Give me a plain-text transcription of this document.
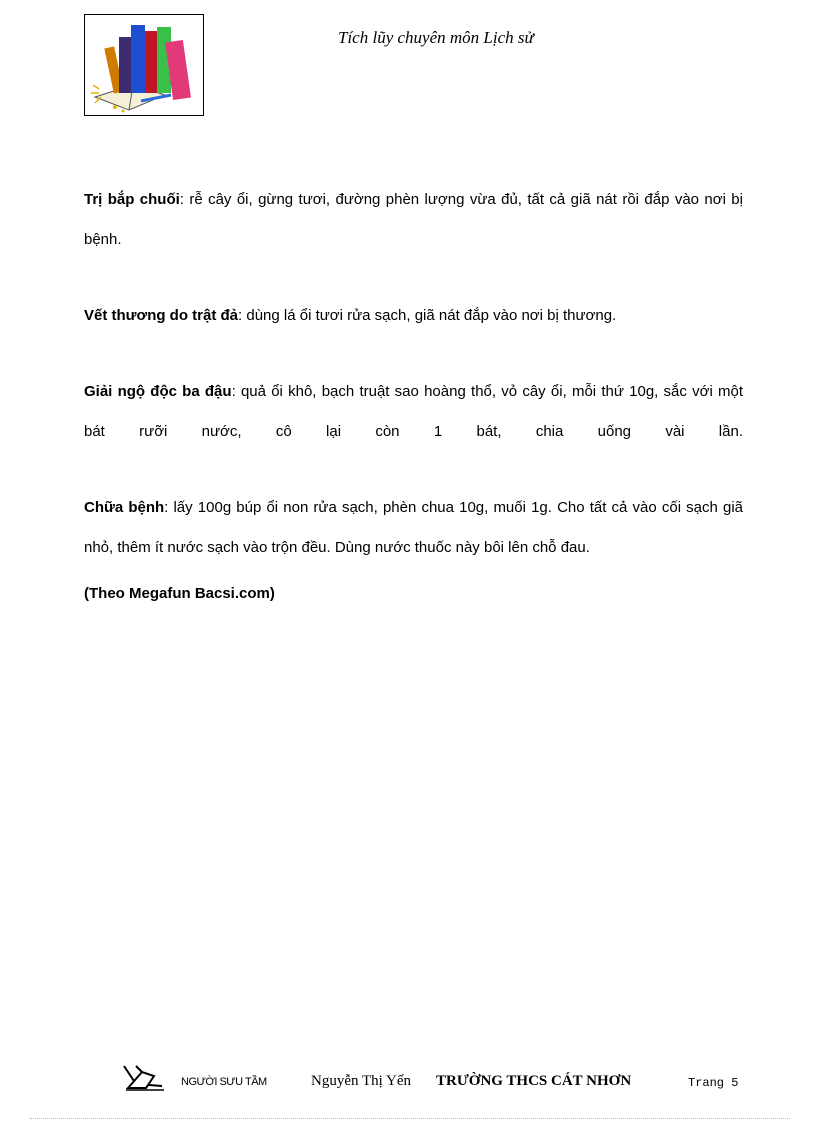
Tích lũy chuyên môn Lịch sử

Trị bắp chuối: rễ cây ổi, gừng tươi, đường phèn lượng vừa đủ, tất cả giã nát rồi đắp vào nơi bị bệnh.

Vết thương do trật đả: dùng lá ổi tươi rửa sạch, giã nát đắp vào nơi bị thương.

Giải ngộ độc ba đậu: quả ổi khô, bạch truật sao hoàng thổ, vỏ cây ổi, mỗi thứ 10g, sắc với một bát rưỡi nước, cô lại còn 1 bát, chia uống vài lần.

Chữa bệnh: lấy 100g búp ổi non rửa sạch, phèn chua 10g, muối 1g. Cho tất cả vào cối sạch giã nhỏ, thêm ít nước sạch vào trộn đều. Dùng nước thuốc này bôi lên chỗ đau.

(Theo Megafun Bacsi.com)

NGƯỜI SƯU TẦM	Nguyễn Thị Yến TRƯỜNG THCS CÁT NHƠN	Trang 5
